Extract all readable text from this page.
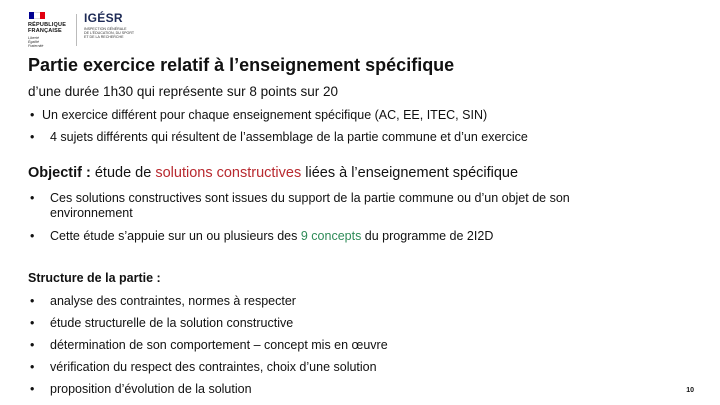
RÉPUBLIQUE
FRANÇAISE
Liberté
Égalité
Fraternité
IGÉSR
INSPECTION GÉNÉRALE
DE L'ÉDUCATION, DU SPORT
ET DE LA RECHERCHE
Partie exercice relatif à l’enseignement spécifique

d’une durée 1h30 qui représente sur 8 points sur 20

• Un exercice différent pour chaque enseignement spécifique (AC, EE, ITEC, SIN)
•	4 sujets différents qui résultent de l’assemblage de la partie commune et d’un exercice

Objectif : étude de solutions constructives liées à l’enseignement spécifique

•	Ces solutions constructives sont issues du support de la partie commune ou d’un objet de son
environnement
•	Cette étude s’appuie sur un ou plusieurs des 9 concepts du programme de 2I2D

Structure de la partie :

•	analyse des contraintes, normes à respecter
•	étude structurelle de la solution constructive
•	détermination de son comportement – concept mis en œuvre
•	vérification du respect des contraintes, choix d’une solution
•	proposition d’évolution de la solution	10
